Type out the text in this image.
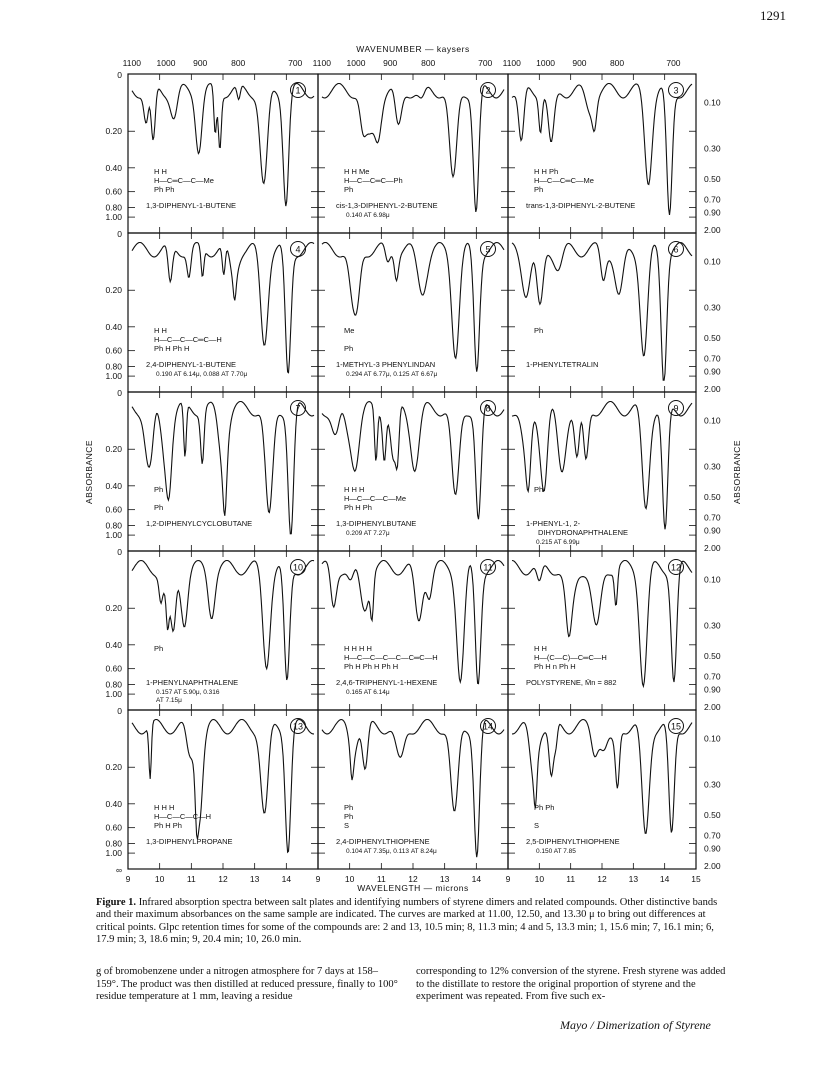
1291
1
H H
H—C═C—C—Me
Ph Ph
1,3-DIPHENYL-1-BUTENE
2
H H Me
H—C—C═C—Ph
Ph
cis-1,3-DIPHENYL-2-BUTENE
0.140 AT 6.98μ
3
H H Ph
H—C—C═C—Me
Ph
trans-1,3-DIPHENYL-2-BUTENE
4
H H
H—C—C—C═C—H
Ph H Ph H
2,4-DIPHENYL-1-BUTENE
0.190 AT 6.14μ, 0.088 AT 7.70μ
5
Me
Ph
1-METHYL-3 PHENYLINDAN
0.294 AT 6.77μ, 0.125 AT 6.67μ
6
Ph
1-PHENYLTETRALIN
7
Ph
Ph
1,2-DIPHENYLCYCLOBUTANE
8
H H H
H—C—C—C—Me
Ph H Ph
1,3-DIPHENYLBUTANE
0.209 AT 7.27μ
9
Ph
1-PHENYL-1, 2-
DIHYDRONAPHTHALENE
0.215 AT 6.99μ
10
Ph
1-PHENYLNAPHTHALENE
0.157 AT 5.90μ, 0.316
AT 7.15μ
11
H H H H
H—C—C—C—C—C═C—H
Ph H Ph H Ph H
2,4,6-TRIPHENYL-1-HEXENE
0.165 AT 6.14μ
12
H H
H—(C—C)—C═C—H
Ph H n Ph H
POLYSTYRENE, M̄n = 882
13
H H H
H—C—C—C—H
Ph H Ph
1,3-DIPHENYLPROPANE
14
Ph
Ph
S
2,4-DIPHENYLTHIOPHENE
0.104 AT 7.35μ, 0.113 AT 8.24μ
15
Ph Ph
S
2,5-DIPHENYLTHIOPHENE
0.150 AT 7.85
WAVENUMBER — kaysers
WAVELENGTH — microns
ABSORBANCE	ABSORBANCE
1100 1000 900	800	700 1100 1000 900	800	700 1100 1000 900	800	700
9	10	11	12	13	14	9	10	11	12	13	14	9	10	11	12	13	14	15
0
0.20
0.40
0.60
0.80
1.00
0.10
0.30
0.50
0.70
0.90
2.00
0
0.20
0.40
0.60
0.80
1.00
0.10
0.30
0.50
0.70
0.90
2.00
0
0.20
0.40
0.60
0.80
1.00
0.10
0.30
0.50
0.70
0.90
2.00
0
0.20
0.40
0.60
0.80
1.00
0.10
0.30
0.50
0.70
0.90
2.00
0
0.20
0.40
0.60
0.80
1.00
0.10
0.30
0.50
0.70
0.90
2.00
∞
Figure 1. Infrared absorption spectra between salt plates and identifying numbers of styrene dimers and related compounds. Other distinctive bands and their maximum absorbances on the same sample are indicated. The curves are marked at 11.00, 12.50, and 13.30 μ to bring out differences at critical points. Glpc retention times for some of the compounds are: 2 and 13, 10.5 min; 8, 11.3 min; 4 and 5, 13.3 min; 1, 15.6 min; 7, 16.1 min; 6, 17.9 min; 3, 18.6 min; 9, 20.4 min; 10, 26.0 min.
g of bromobenzene under a nitrogen atmosphere for 7 days at 158–159°. The product was then distilled at reduced pressure, finally to 100° residue temperature at 1 mm, leaving a residue
corresponding to 12% conversion of the styrene. Fresh styrene was added to the distillate to restore the original proportion of styrene and the experiment was repeated. From five such ex-
Mayo / Dimerization of Styrene
